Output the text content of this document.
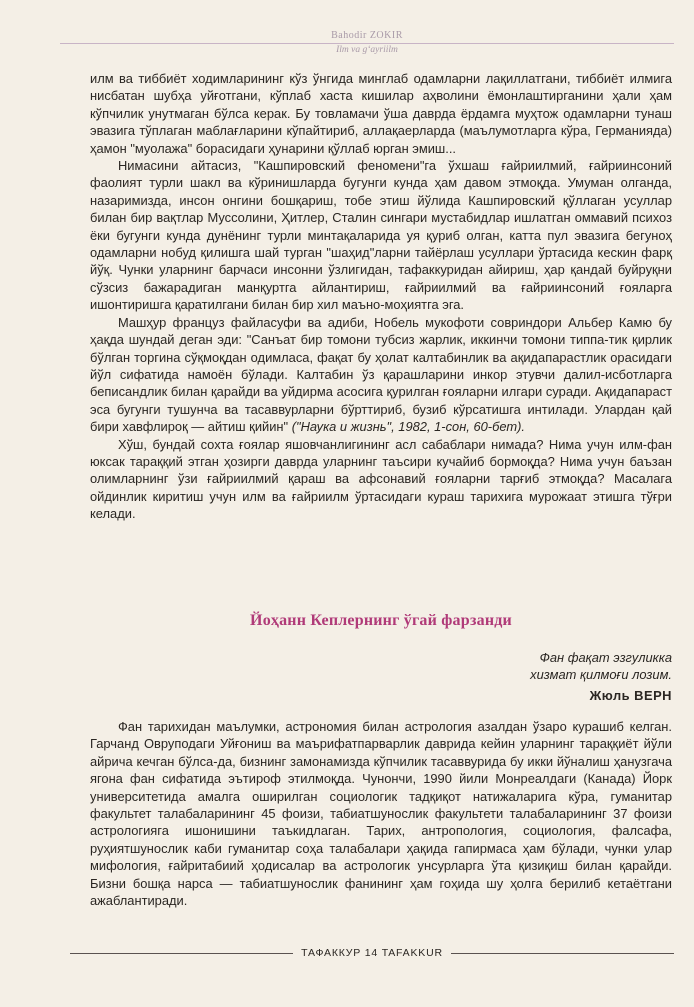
Bahodir ZOKIR
Ilm va g‘ayriilm

илм ва тиббиёт ходимларининг кўз ўнгида минглаб одамларни лақиллатгани, тиббиёт илмига нисбатан шубҳа уйғотгани, кўплаб хаста кишилар аҳволини ёмонлаштирганини ҳали ҳам кўпчилик унутмаган бўлса керак. Бу товламачи ўша даврда ёрдамга муҳтож одамларни тунаш эвазига тўплаган маблағларини кўпайтириб, аллақаерларда (маълумотларга кўра, Германияда) ҳамон "муолажа" борасидаги ҳунарини қўллаб юрган эмиш...

Нимасини айтасиз, "Кашпировский феномени"га ўхшаш ғайриилмий, ғайриинсоний фаолият турли шакл ва кўринишларда бугунги кунда ҳам давом этмоқда. Умуман олганда, назаримизда, инсон онгини бошқариш, тобе этиш йўлида Кашпировский қўллаган усуллар билан бир вақтлар Муссолини, Ҳитлер, Сталин сингари мустабидлар ишлатган оммавий психоз ёки бугунги кунда дунёнинг турли минтақаларида уя қуриб олган, катта пул эвазига бегуноҳ одамларни нобуд қилишга шай турган "шаҳид"ларни тайёрлаш усуллари ўртасида кескин фарқ йўқ. Чунки уларнинг барчаси инсонни ўзлигидан, тафаккуридан айириш, ҳар қандай буйруқни сўзсиз бажарадиган манқуртга айлантириш, ғайриилмий ва ғайриинсоний ғояларга ишонтиришга қаратилгани билан бир хил маъно-моҳиятга эга.

Машҳур француз файласуфи ва адиби, Нобель мукофоти совриндори Альбер Камю бу ҳақда шундай деган эди: "Санъат бир томони тубсиз жарлик, иккинчи томони типпа-тик қирлик бўлган торгина сўқмоқдан одимласа, фақат бу ҳолат калтабинлик ва ақидапарастлик орасидаги йўл сифатида намоён бўлади. Калтабин ўз қарашларини инкор этувчи далил-исботларга беписандлик билан қарайди ва уйдирма асосига қурилган ғояларни илгари суради. Ақидапараст эса бугунги тушунча ва тасаввурларни бўрттириб, бузиб кўрсатишга интилади. Улардан қай бири хавфлироқ — айтиш қийин" ("Наука и жизнь", 1982, 1-сон, 60-бет).

Хўш, бундай сохта ғоялар яшовчанлигининг асл сабаблари нимада? Нима учун илм-фан юксак тараққий этган ҳозирги даврда уларнинг таъсири кучайиб бормоқда? Нима учун баъзан олимларнинг ўзи ғайриилмий қараш ва афсонавий ғояларни тарғиб этмоқда? Масалага ойдинлик киритиш учун илм ва ғайриилм ўртасидаги кураш тарихига мурожаат этишга тўғри келади.

Йоҳанн Кеплернинг ўгай фарзанди
Фан фақат эзгуликка
хизмат қилмоғи лозим.
Жюль ВЕРН

Фан тарихидан маълумки, астрономия билан астрология азалдан ўзаро курашиб келган. Гарчанд Овруподаги Уйғониш ва маърифатпарварлик даврида кейин уларнинг тараққиёт йўли айрича кечган бўлса-да, бизнинг замонамизда кўпчилик тасаввурида бу икки йўналиш ҳанузгача ягона фан сифатида эътироф этилмоқда. Чунончи, 1990 йили Монреалдаги (Канада) Йорк университетида амалга оширилган социологик тадқиқот натижаларига кўра, гуманитар факультет талабаларининг 45 фоизи, табиатшунослик факультети талабаларининг 37 фоизи астрологияга ишонишини таъкидлаган. Тарих, антропология, социология, фалсафа, руҳиятшунослик каби гуманитар соҳа талабалари ҳақида гапирмаса ҳам бўлади, чунки улар мифология, ғайритабиий ҳодисалар ва астрологик унсурларга ўта қизиқиш билан қарайди. Бизни бошқа нарса — табиатшунослик фанининг ҳам гоҳида шу ҳолга берилиб кетаётгани ажаблантиради.

ТАФАККУР 14 TAFAKKUR
